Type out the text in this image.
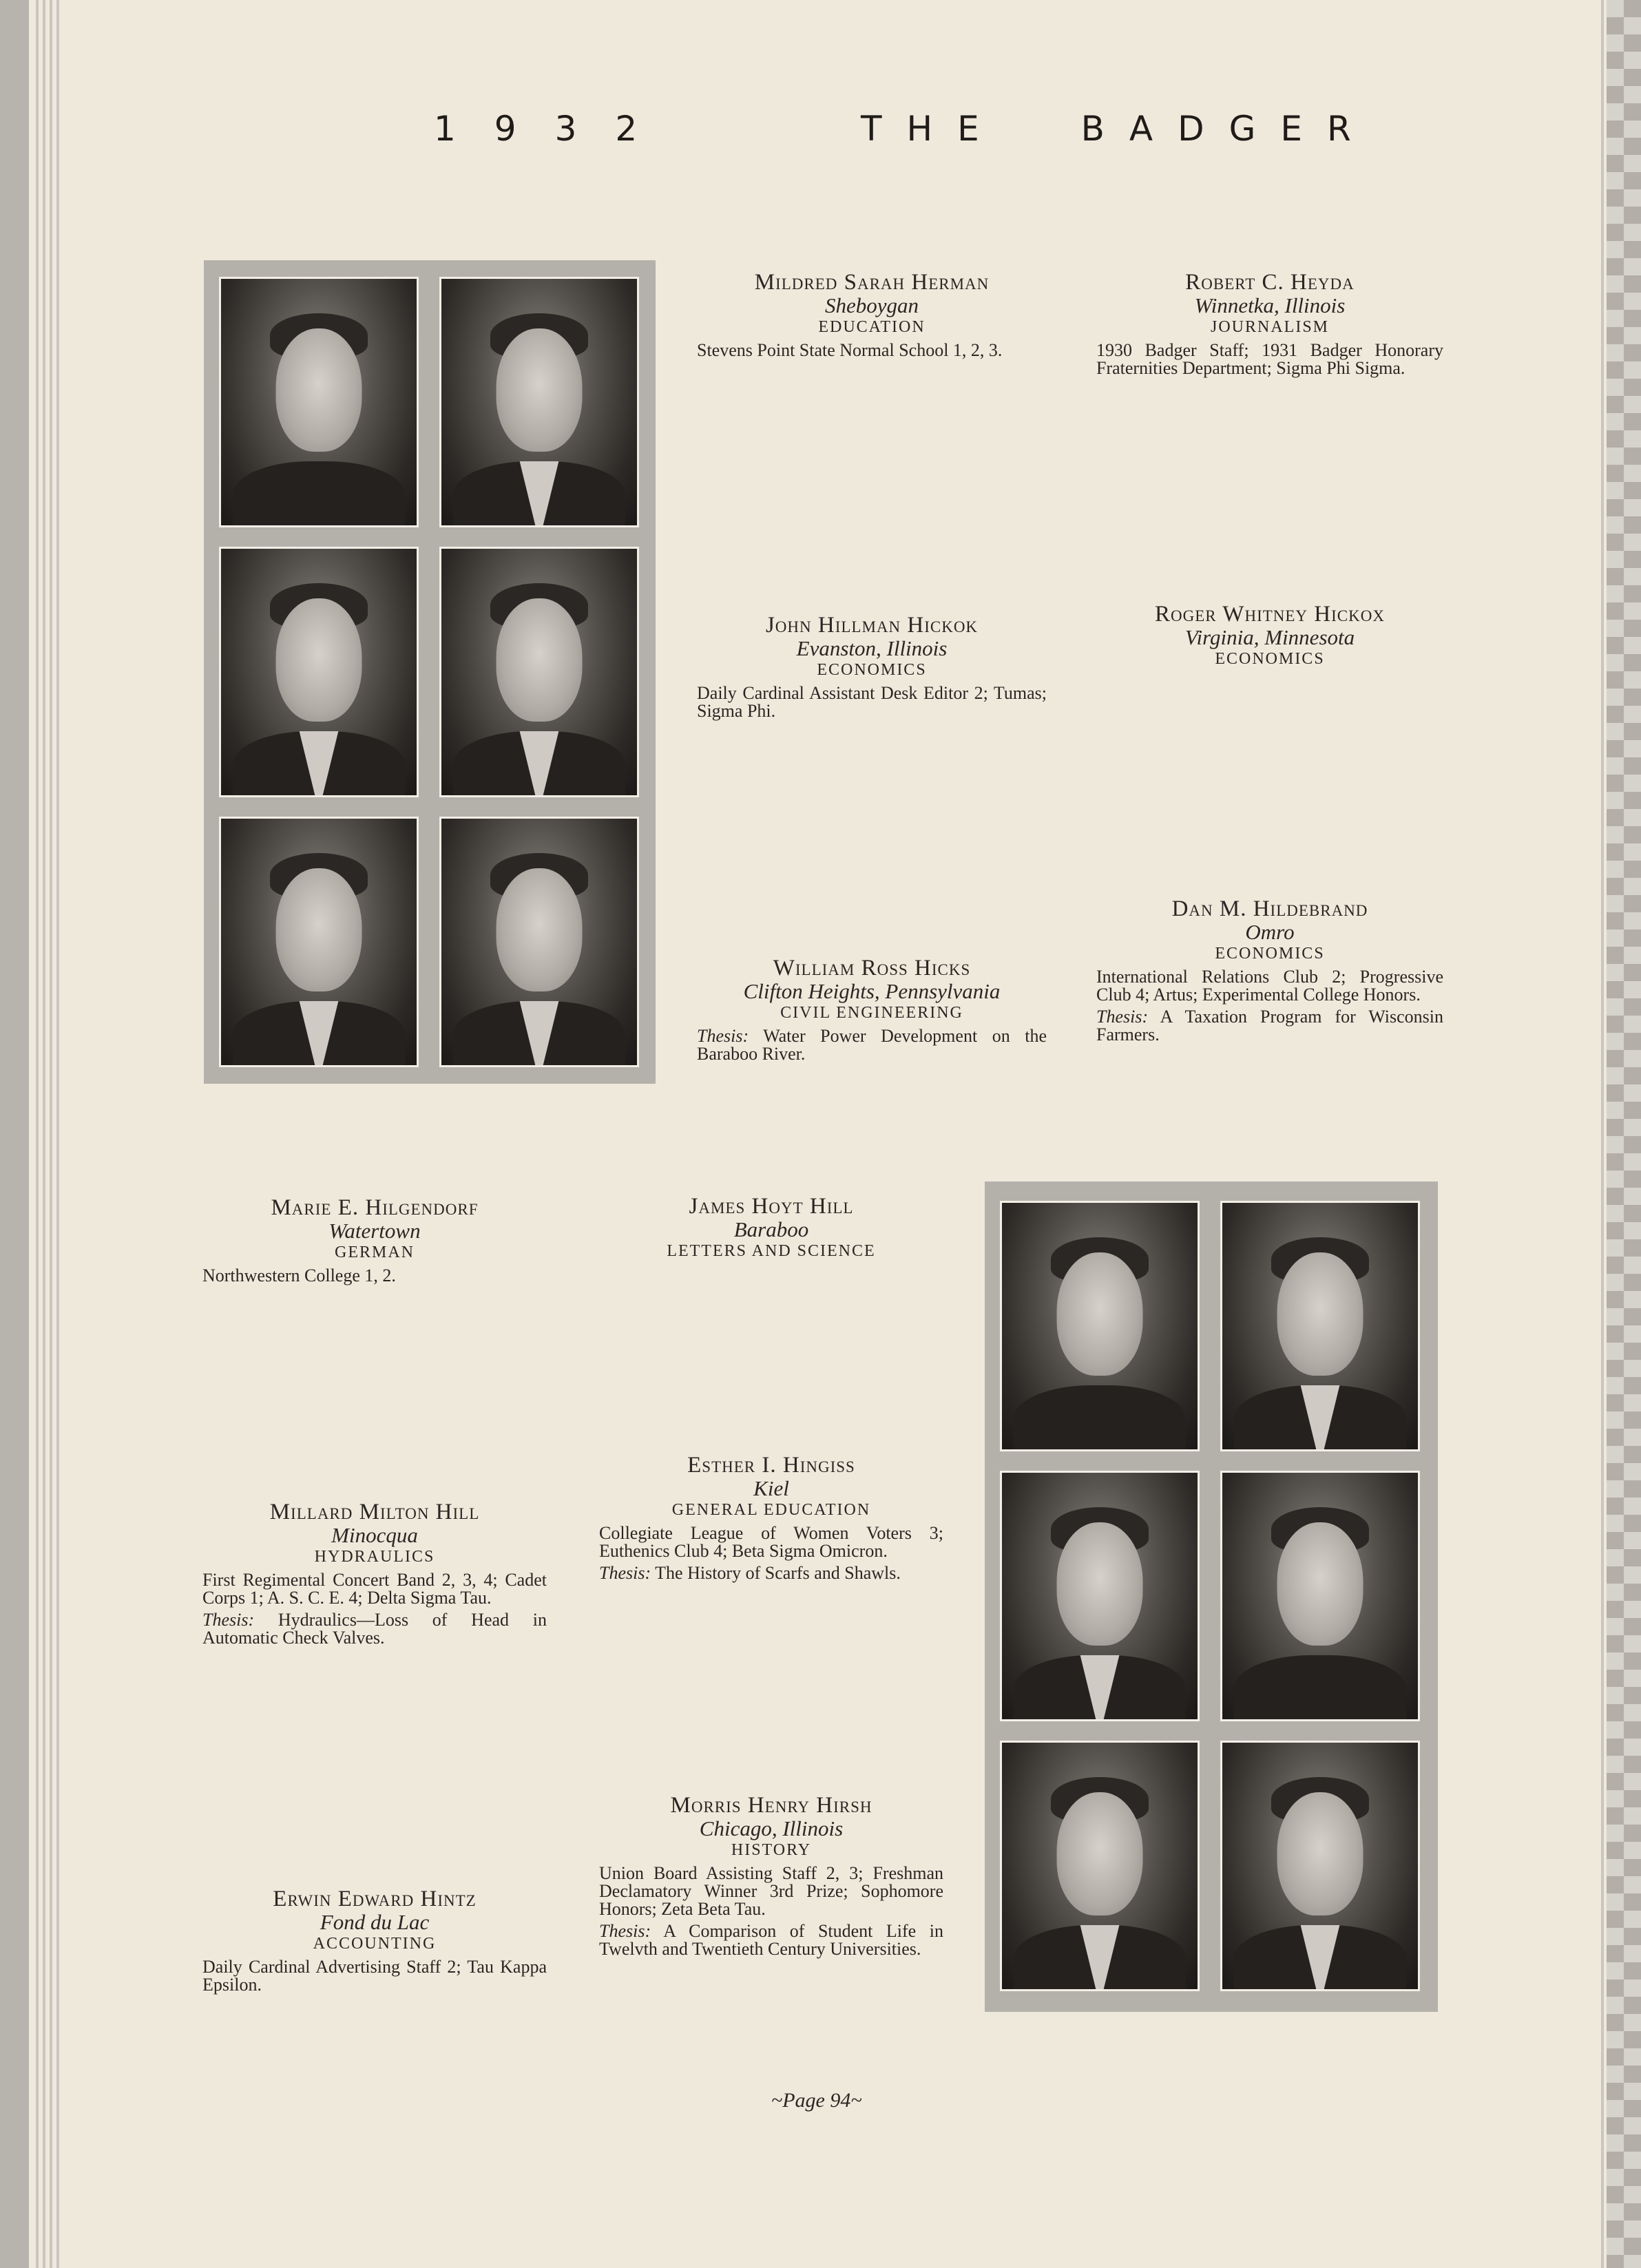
1932	THE BADGER
Mildred Sarah Herman
Sheboygan
EDUCATION
Stevens Point State Normal School 1, 2, 3.
Robert C. Heyda
Winnetka, Illinois
JOURNALISM
1930 Badger Staff; 1931 Badger Honorary Fraternities Department; Sigma Phi Sigma.
John Hillman Hickok
Evanston, Illinois
ECONOMICS
Daily Cardinal Assistant Desk Editor 2; Tumas; Sigma Phi.
Roger Whitney Hickox
Virginia, Minnesota
ECONOMICS
William Ross Hicks
Clifton Heights, Pennsylvania
CIVIL ENGINEERING
Thesis: Water Power Development on the Baraboo River.
Dan M. Hildebrand
Omro
ECONOMICS
International Relations Club 2; Progressive Club 4; Artus; Experimental College Honors.
Thesis: A Taxation Program for Wisconsin Farmers.
Marie E. Hilgendorf
Watertown
GERMAN
Northwestern College 1, 2.
James Hoyt Hill
Baraboo
LETTERS AND SCIENCE
Millard Milton Hill
Minocqua
HYDRAULICS
First Regimental Concert Band 2, 3, 4; Cadet Corps 1; A. S. C. E. 4; Delta Sigma Tau.
Thesis: Hydraulics—Loss of Head in Automatic Check Valves.
Esther I. Hingiss
Kiel
GENERAL EDUCATION
Collegiate League of Women Voters 3; Euthenics Club 4; Beta Sigma Omicron.
Thesis: The History of Scarfs and Shawls.
Morris Henry Hirsh
Chicago, Illinois
HISTORY
Union Board Assisting Staff 2, 3; Freshman Declamatory Winner 3rd Prize; Sophomore Honors; Zeta Beta Tau.
Thesis: A Comparison of Student Life in Twelvth and Twentieth Century Universities.
Erwin Edward Hintz
Fond du Lac
ACCOUNTING
Daily Cardinal Advertising Staff 2; Tau Kappa Epsilon.
~Page 94~
